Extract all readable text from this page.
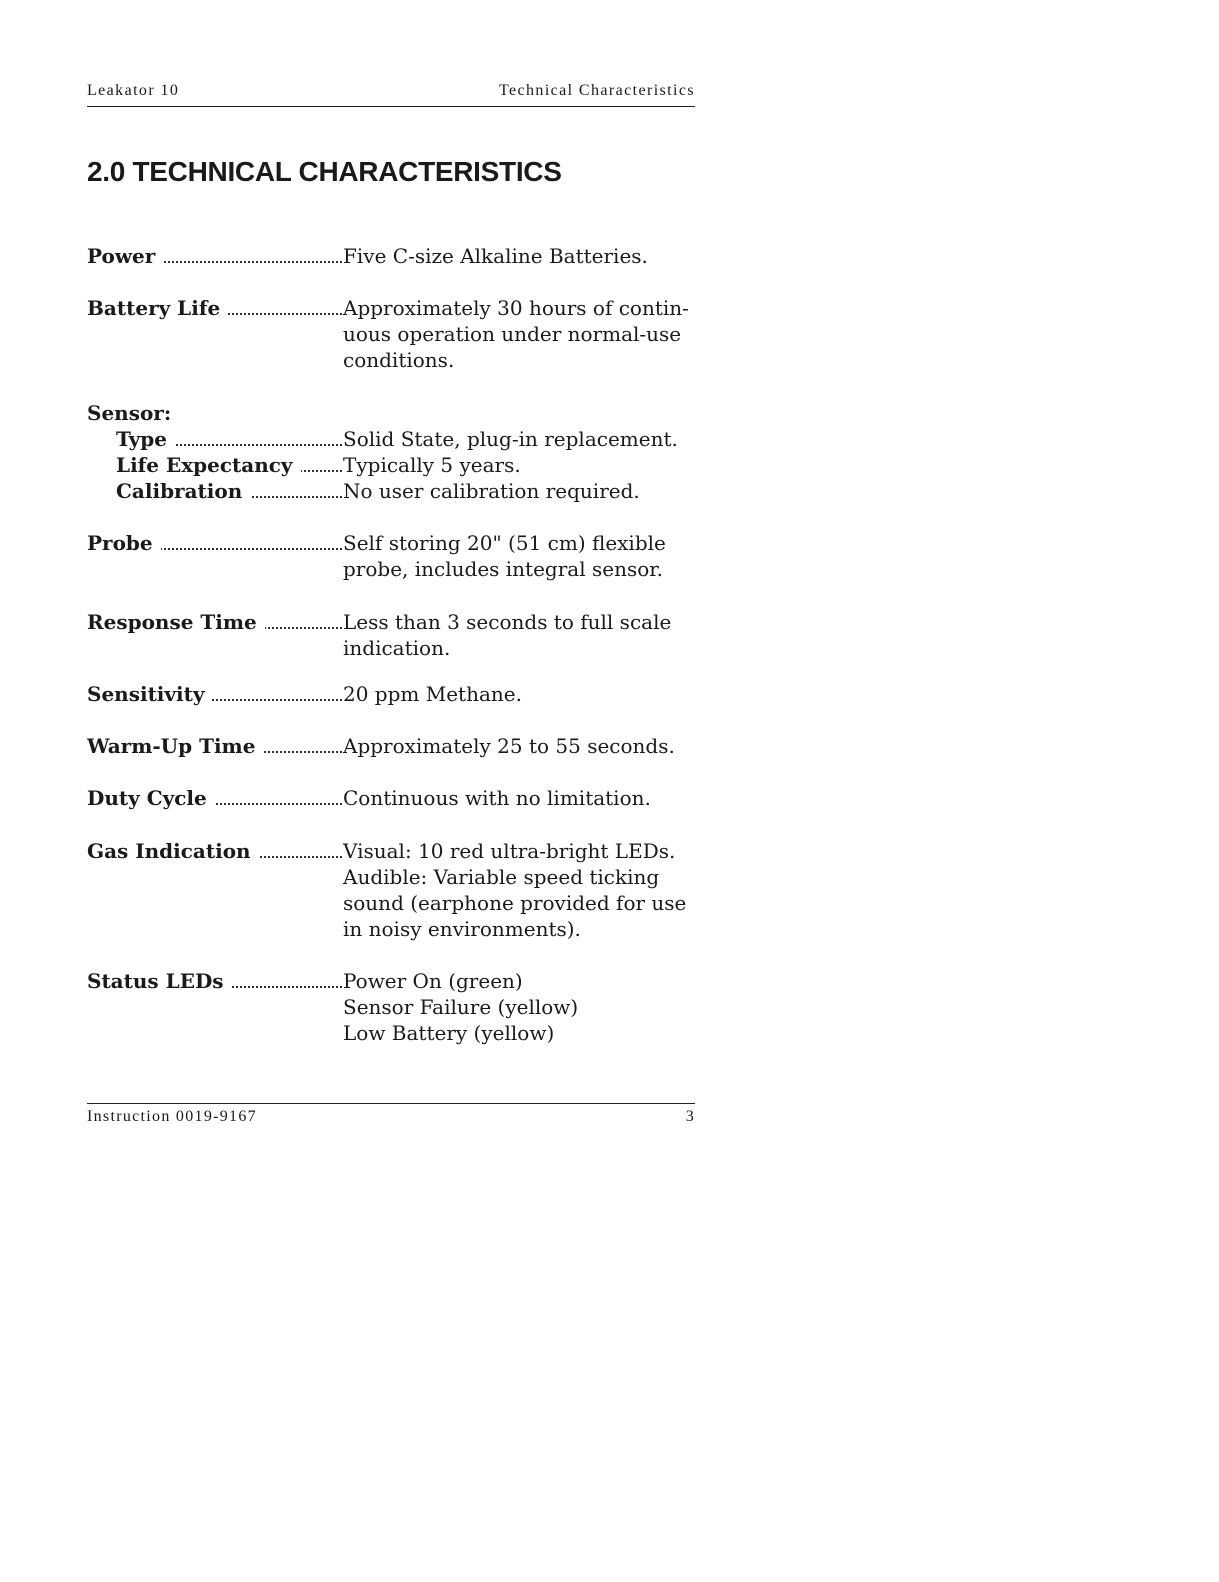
Leakator 10	Technical Characteristics
2.0 TECHNICAL CHARACTERISTICS
Power	Five C-size Alkaline Batteries.
Battery Life	Approximately 30 hours of contin-
uous operation under normal-use
conditions.
Sensor:
Type	Solid State, plug-in replacement.
Life Expectancy	Typically 5 years.
Calibration	No user calibration required.
Probe	Self storing 20" (51 cm) flexible
probe, includes integral sensor.
Response Time	Less than 3 seconds to full scale
indication.
Sensitivity	20 ppm Methane.
Warm-Up Time	Approximately 25 to 55 seconds.
Duty Cycle	Continuous with no limitation.
Gas Indication	Visual: 10 red ultra-bright LEDs.
Audible: Variable speed ticking
sound (earphone provided for use
in noisy environments).
Status LEDs	Power On (green)
Sensor Failure (yellow)
Low Battery (yellow)
Instruction 0019-9167	3
